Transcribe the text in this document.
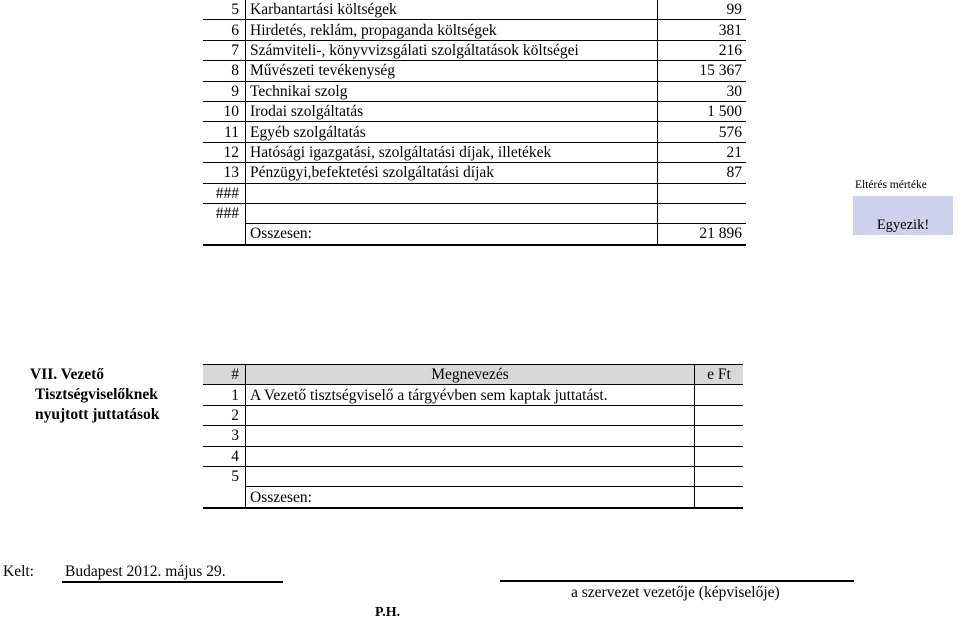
5	Karbantartási költségek	99
6	Hirdetés, reklám, propaganda költségek	381
7	Számviteli-, könyvvizsgálati szolgáltatások költségei	216
8	Művészeti tevékenység	15 367
9	Technikai szolg	30
10	Irodai szolgáltatás	1 500
11	Egyéb szolgáltatás	576
12	Hatósági igazgatási, szolgáltatási díjak, illetékek	21
13	Pénzügyi,befektetési szolgáltatási díjak	87
###		
###		
	Osszesen:	21 896
Eltérés mértéke
Egyezik!
VII. Vezető
Tisztségviselőknek
nyujtott juttatások
#	Megnevezés	e Ft
1	A Vezető tisztségviselő a tárgyévben sem kaptak juttatást.	
2		
3		
4		
5		
	Osszesen:	
Kelt: Budapest 2012. május 29.
a szervezet vezetője (képviselője)
P.H.
